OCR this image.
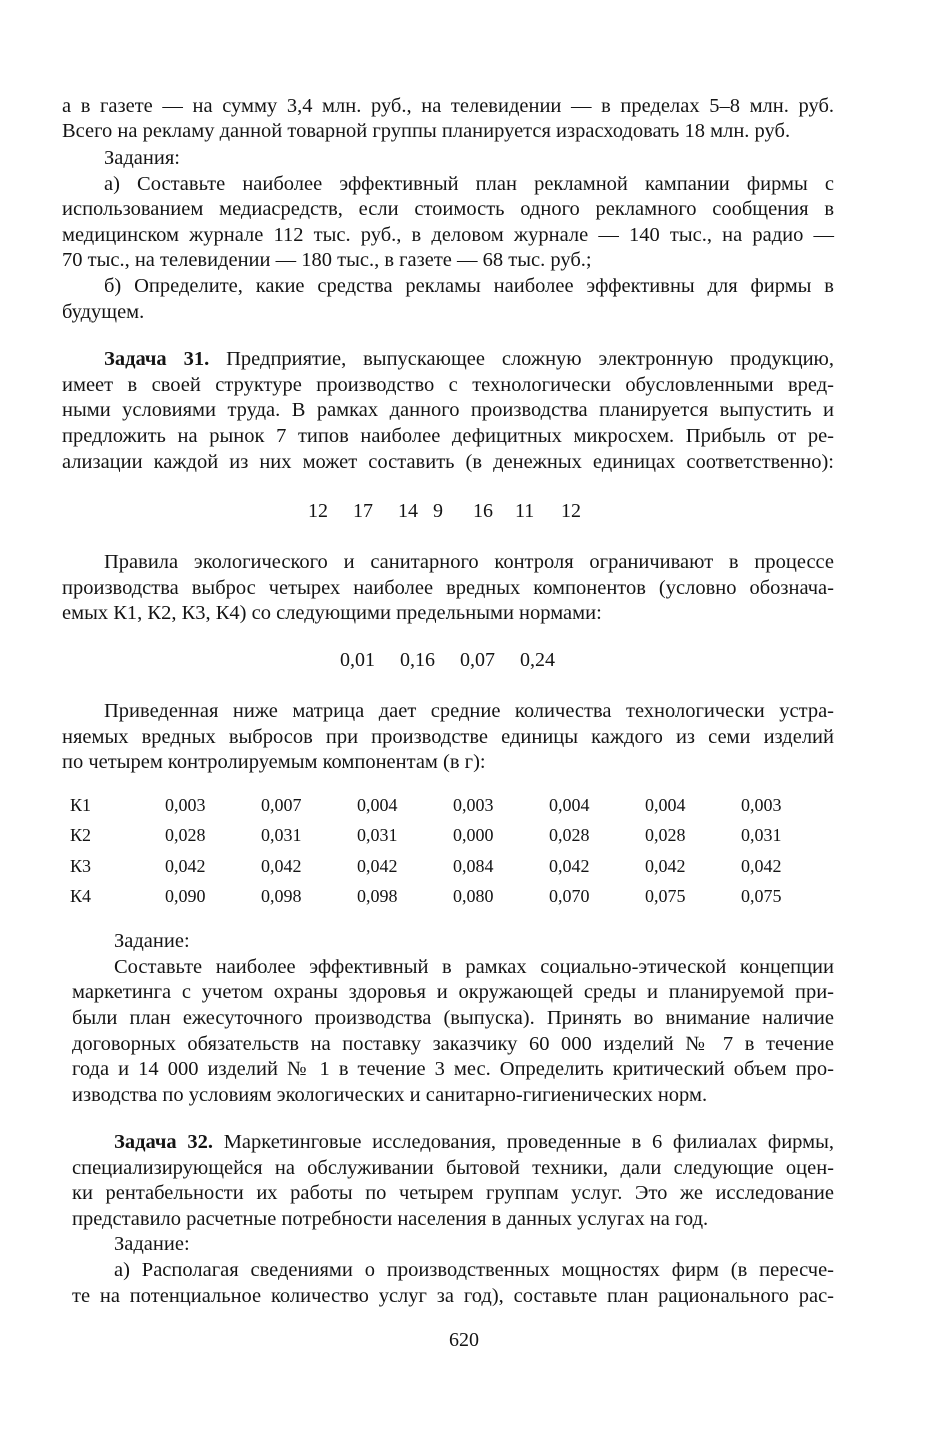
а в газете — на сумму 3,4 млн. руб., на телевидении — в пределах 5–8 млн. руб.
Всего на рекламу данной товарной группы планируется израсходовать 18 млн. руб.
Задания:
а) Составьте наиболее эффективный план рекламной кампании фирмы с
использованием медиасредств, если стоимость одного рекламного сообщения в
медицинском журнале 112 тыс. руб., в деловом журнале — 140 тыс., на радио —
70 тыс., на телевидении — 180 тыс., в газете — 68 тыс. руб.;
б) Определите, какие средства рекламы наиболее эффективны для фирмы в
будущем.
Задача 31. Предприятие, выпускающее сложную электронную продукцию,
имеет в своей структуре производство с технологически обусловленными вред-
ными условиями труда. В рамках данного производства планируется выпустить и
предложить на рынок 7 типов наиболее дефицитных микросхем. Прибыль от ре-
ализации каждой из них может составить (в денежных единицах соответственно):
12 17 14 9 16 11 12
Правила экологического и санитарного контроля ограничивают в процессе
производства выброс четырех наиболее вредных компонентов (условно обознача-
емых К1, К2, К3, К4) со следующими предельными нормами:
0,01 0,16 0,07 0,24
Приведенная ниже матрица дает средние количества технологически устра-
няемых вредных выбросов при производстве единицы каждого из семи изделий
по четырем контролируемым компонентам (в г):
К1	0,003	0,007	0,004	0,003	0,004	0,004	0,003
К2	0,028	0,031	0,031	0,000	0,028	0,028	0,031
К3	0,042	0,042	0,042	0,084	0,042	0,042	0,042
К4	0,090	0,098	0,098	0,080	0,070	0,075	0,075
Задание:
Составьте наиболее эффективный в рамках социально-этической концепции
маркетинга с учетом охраны здоровья и окружающей среды и планируемой при-
были план ежесуточного производства (выпуска). Принять во внимание наличие
договорных обязательств на поставку заказчику 60 000 изделий № 7 в течение
года и 14 000 изделий № 1 в течение 3 мес. Определить критический объем про-
изводства по условиям экологических и санитарно-гигиенических норм.
Задача 32. Маркетинговые исследования, проведенные в 6 филиалах фирмы,
специализирующейся на обслуживании бытовой техники, дали следующие оцен-
ки рентабельности их работы по четырем группам услуг. Это же исследование
представило расчетные потребности населения в данных услугах на год.
Задание:
а) Располагая сведениями о производственных мощностях фирм (в пересче-
те на потенциальное количество услуг за год), составьте план рационального рас-
620
